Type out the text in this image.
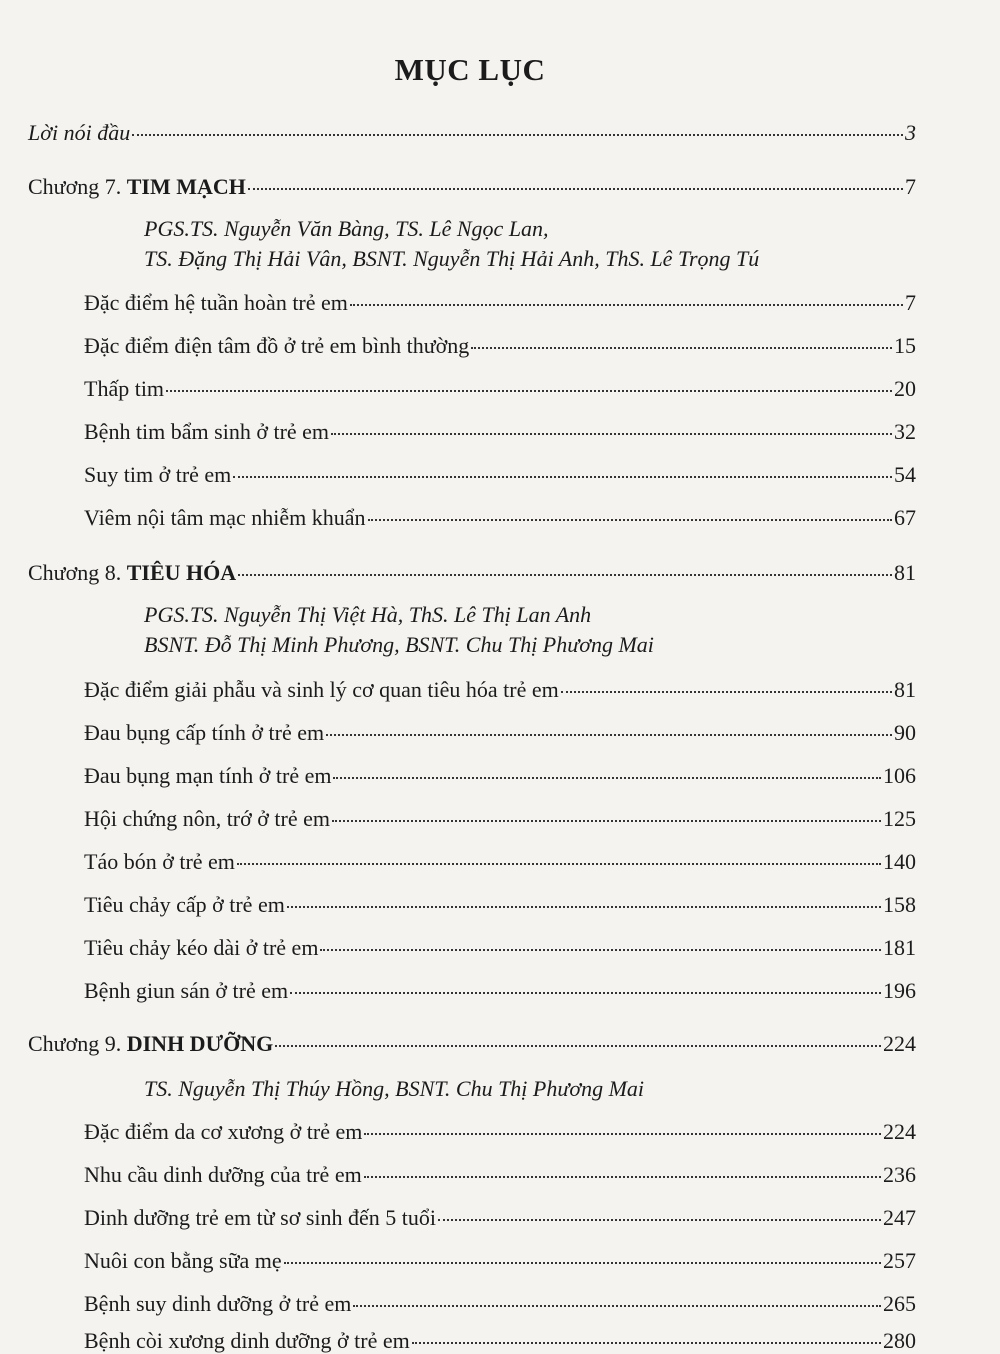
MỤC LỤC
Lời nói đầu	3
Chương 7. TIM MẠCH	7
PGS.TS. Nguyễn Văn Bàng, TS. Lê Ngọc Lan,
TS. Đặng Thị Hải Vân, BSNT. Nguyễn Thị Hải Anh, ThS. Lê Trọng Tú
Đặc điểm hệ tuần hoàn trẻ em	7
Đặc điểm điện tâm đồ ở trẻ em bình thường	15
Thấp tim	20
Bệnh tim bẩm sinh ở trẻ em	32
Suy tim ở trẻ em	54
Viêm nội tâm mạc nhiễm khuẩn	67
Chương 8. TIÊU HÓA	81
PGS.TS. Nguyễn Thị Việt Hà, ThS. Lê Thị Lan Anh
BSNT. Đỗ Thị Minh Phương, BSNT. Chu Thị Phương Mai
Đặc điểm giải phẫu và sinh lý cơ quan tiêu hóa trẻ em	81
Đau bụng cấp tính ở trẻ em	90
Đau bụng mạn tính ở trẻ em	106
Hội chứng nôn, trớ ở trẻ em	125
Táo bón ở trẻ em	140
Tiêu chảy cấp ở trẻ em	158
Tiêu chảy kéo dài ở trẻ em	181
Bệnh giun sán ở trẻ em	196
Chương 9. DINH DƯỠNG	224
TS. Nguyễn Thị Thúy Hồng, BSNT. Chu Thị Phương Mai
Đặc điểm da cơ xương ở trẻ em	224
Nhu cầu dinh dưỡng của trẻ em	236
Dinh dưỡng trẻ em từ sơ sinh đến 5 tuổi	247
Nuôi con bằng sữa mẹ	257
Bệnh suy dinh dưỡng ở trẻ em	265
Bệnh còi xương dinh dưỡng ở trẻ em	280
